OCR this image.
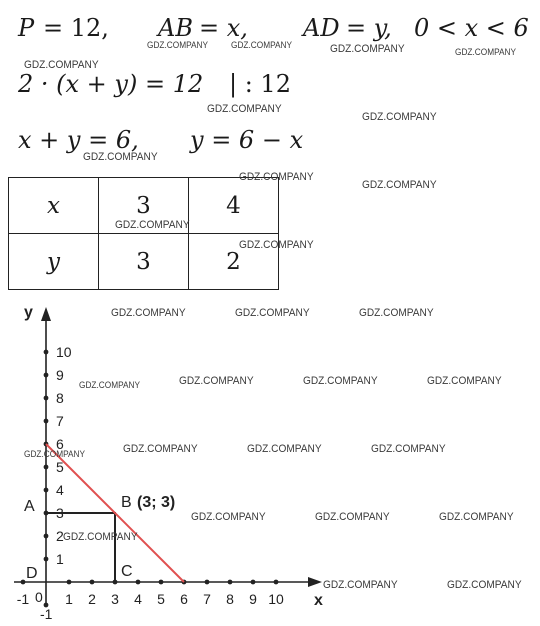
P = 12, AB = x, AD = y, 0 < x < 6
2 · (x + y) = 12 | : 12
x + y = 6, y = 6 − x
x	3	4
y	3	2
-1	1 2 3 4 5 6 7 8 9 10
-1
1
2
3
4
5
6
7
8
9
10
0	x
y
A	B
C
D
(3; 3)
GDZ.COMPANY	GDZ.COMPANY	GDZ.COMPANY	GDZ.COMPANY
GDZ.COMPANY
GDZ.COMPANY
GDZ.COMPANY
GDZ.COMPANY
GDZ.COMPANY
GDZ.COMPANY
GDZ.COMPANY
GDZ.COMPANY
GDZ.COMPANY	GDZ.COMPANY	GDZ.COMPANY
GDZ.COMPANY	GDZ.COMPANY	GDZ.COMPANY	GDZ.COMPANY
GDZ.COMPANY	GDZ.COMPANY	GDZ.COMPANY	GDZ.COMPANY
GDZ.COMPANY	GDZ.COMPANY	GDZ.COMPANY
GDZ.COMPANY
GDZ.COMPANY	GDZ.COMPANY
